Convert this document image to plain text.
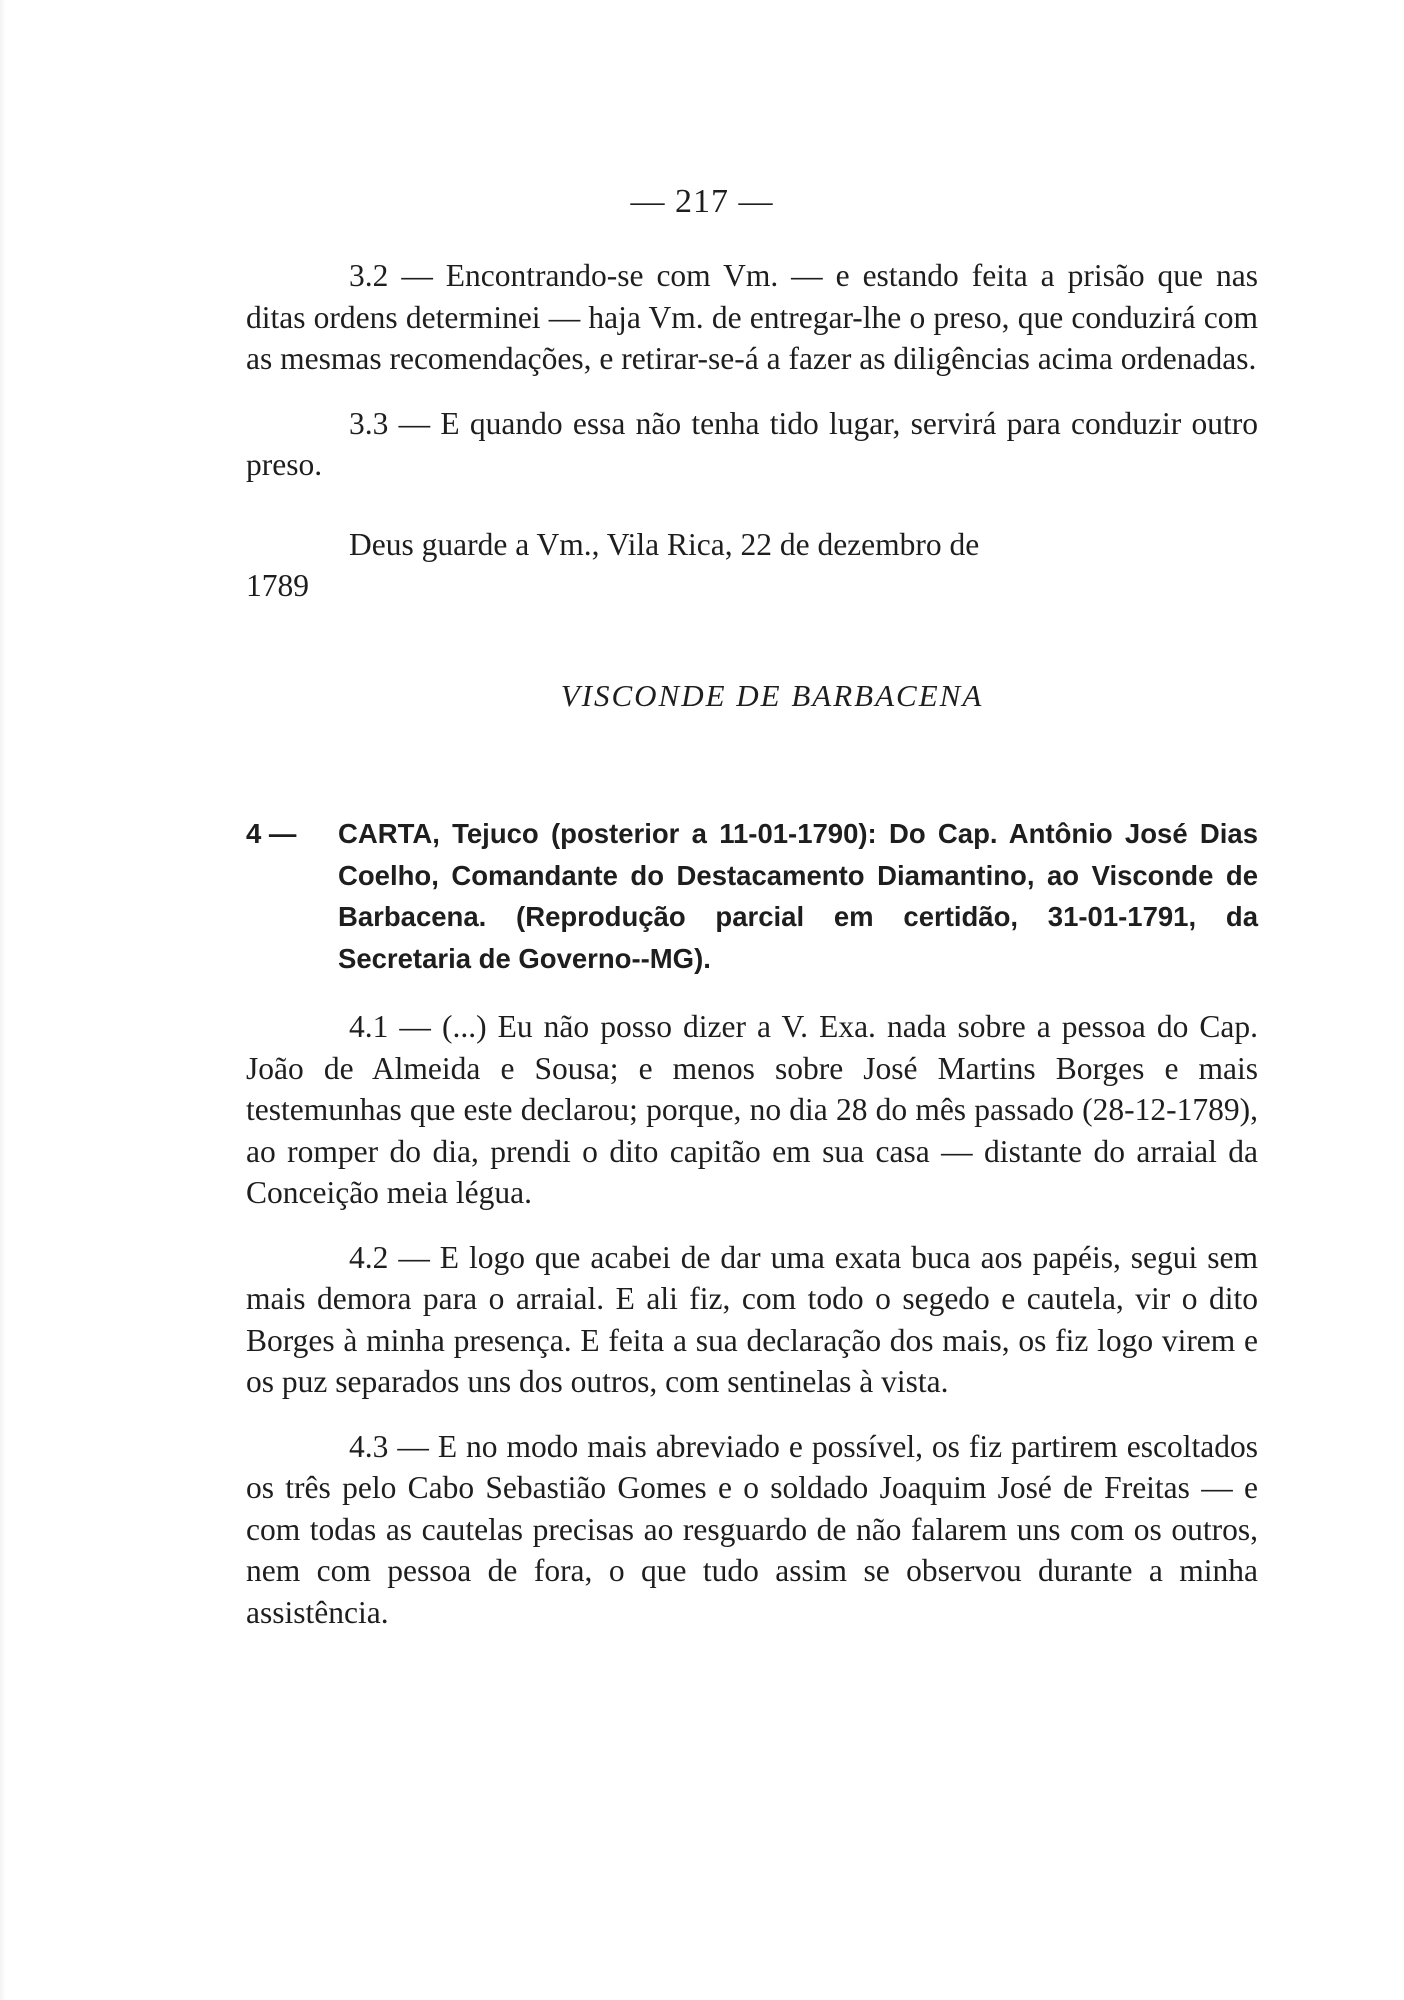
— 217 —

3.2 — Encontrando-se com Vm. — e estando feita a prisão que nas ditas ordens determinei — haja Vm. de entregar-lhe o preso, que conduzirá com as mesmas recomendações, e retirar-se-á a fazer as diligências acima ordenadas.

3.3 — E quando essa não tenha tido lugar, servirá para conduzir outro preso.

Deus guarde a Vm., Vila Rica, 22 de dezembro de

1789

VISCONDE DE BARBACENA

4 — CARTA, Tejuco (posterior a 11-01-1790): Do Cap. Antônio José Dias Coelho, Comandante do Destacamento Diamantino, ao Visconde de Barbacena. (Reprodução parcial em certidão, 31-01-1791, da Secretaria de Governo--MG).

4.1 — (...) Eu não posso dizer a V. Exa. nada sobre a pessoa do Cap. João de Almeida e Sousa; e menos sobre José Martins Borges e mais testemunhas que este declarou; porque, no dia 28 do mês passado (28-12-1789), ao romper do dia, prendi o dito capitão em sua casa — distante do arraial da Conceição meia légua.

4.2 — E logo que acabei de dar uma exata buca aos papéis, segui sem mais demora para o arraial. E ali fiz, com todo o segedo e cautela, vir o dito Borges à minha presença. E feita a sua declaração dos mais, os fiz logo virem e os puz separados uns dos outros, com sentinelas à vista.

4.3 — E no modo mais abreviado e possível, os fiz partirem escoltados os três pelo Cabo Sebastião Gomes e o soldado Joaquim José de Freitas — e com todas as cautelas precisas ao resguardo de não falarem uns com os outros, nem com pessoa de fora, o que tudo assim se observou durante a minha assistência.
